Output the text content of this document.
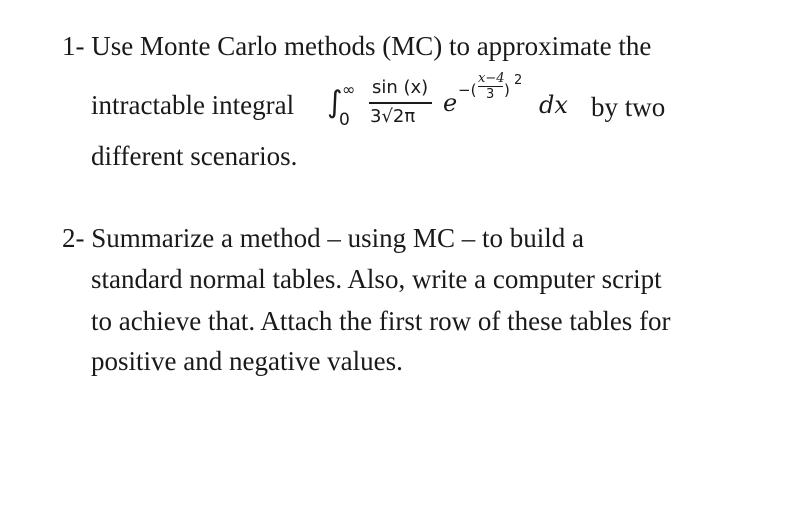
1- Use Monte Carlo methods (MC) to approximate the
intractable integral ∫ ∞
0
sin (x)
3√2π e −(
x−4
3 )
2
dx by two
different scenarios.
2- Summarize a method – using MC – to build a
standard normal tables. Also, write a computer script
to achieve that. Attach the first row of these tables for
positive and negative values.
